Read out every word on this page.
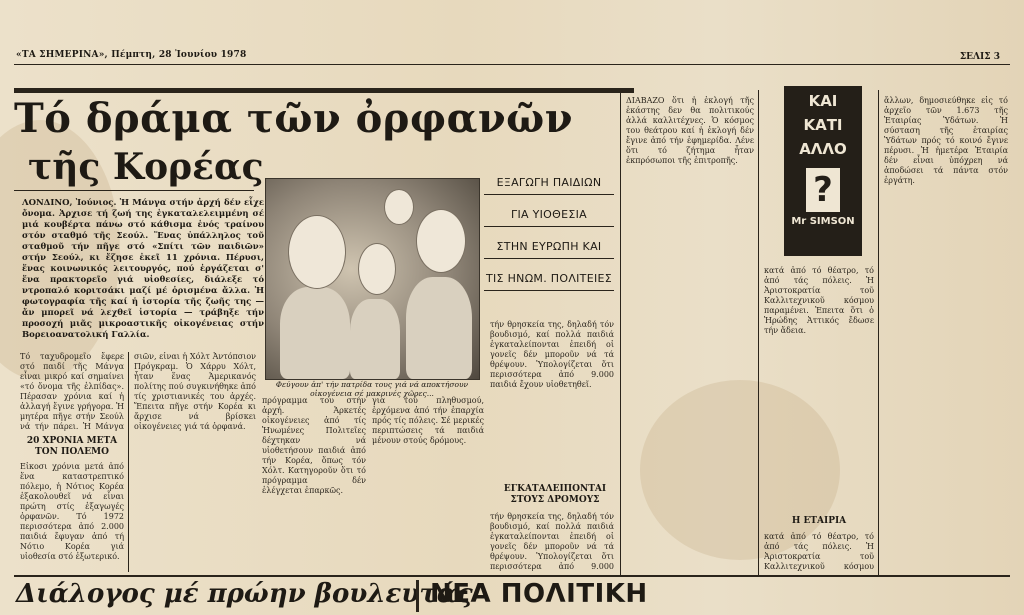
«ΤΑ ΣΗΜΕΡΙΝΑ», Πέμπτη, 28 Ἰουνίου 1978	ΣΕΛΙΣ 3
Τό δράμα τῶν ὀρφανῶν
τῆς Κορέας
ΛΟΝΔΙΝΟ, Ἰούνιος. Ἡ Μάνγα στήν ἀρχή δέν εἶχε ὄνομα. Ἀρχισε τή ζωή της ἐγκαταλελειμμένη σέ μιά κουβέρτα πάνω στό κάθισμα ἑνός τραίνου στόν σταθμό τῆς Σεούλ. Ἕνας ὑπάλληλος τοῦ σταθμοῦ τήν πῆγε στό «Σπίτι τῶν παιδιῶν» στήν Σεούλ, κι ἔζησε ἐκεῖ 11 χρόνια. Πέρυσι, ἕνας κοινωνικός λειτουργός, πού ἐργάζεται σ' ἕνα πρακτορεῖο γιά υἱοθεσίες, διάλεξε τό ντροπαλό κοριτσάκι μαζί μέ ὁρισμένα ἄλλα. Ἡ φωτογραφία τῆς καί ἡ ἱστορία τῆς ζωῆς της — ἄν μπορεῖ νά λεχθεῖ ἱστορία — τράβηξε τήν προσοχή μιᾶς μικροαστικῆς οἰκογένειας στήν Βορειοανατολική Γαλλία.
Φεύγουν ἀπ' τήν πατρίδα τους γιά νά αποκτήσουν οἰκογένεια σέ μακρινές χῶρες...
ΕΞΑΓΩΓΗ ΠΑΙΔΙΩΝ
ΓΙΑ ΥΙΟΘΕΣΙΑ
ΣΤΗΝ ΕΥΡΩΠΗ ΚΑΙ
ΤΙΣ ΗΝΩΜ. ΠΟΛΙΤΕΙΕΣ
Τό ταχυδρομεῖο ἔφερε στό παιδί τῆς Μάνγα εἶναι μικρό καί σημαίνει «τό ὄνομα τῆς ἐλπίδας». Πέρασαν χρόνια καί ἡ ἀλλαγή ἔγινε γρήγορα. Ἡ μητέρα πῆγε στήν Σεούλ νά τήν πάρει. Ἡ Μάνγα
20 ΧΡΟΝΙΑ ΜΕΤΑ ΤΟΝ ΠΟΛΕΜΟ
Εἶκοσι χρόνια μετά ἀπό ἕνα καταστρεπτικό πόλεμο, ἡ Νότιος Κορέα ἐξακολουθεῖ νά εἶναι πρώτη στίς ἐξαγωγές ὀρφανῶν. Τό 1972 περισσότερα ἀπό 2.000 παιδιά ἔφυγαν ἀπό τή Νότιο Κορέα γιά υἱοθεσία στό ἐξωτερικό.
σιῶν, εἶναι ἡ Χόλτ Ἀντόπσιον Πρόγκραμ. Ὁ Χάρρυ Χόλτ, ἦταν ἕνας Ἀμερικανός πολίτης πού συγκινήθηκε ἀπό τίς χριστιανικές του ἀρχές. Ἔπειτα πῆγε στήν Κορέα κι ἄρχισε νά βρίσκει οἰκογένειες γιά τά ὀρφανά.
πρόγραμμα του στήν ἀρχή. Ἀρκετές οἰκογένειες ἀπό τίς Ἡνωμένες Πολιτεῖες δέχτηκαν νά υἱοθετήσουν παιδιά ἀπό τήν Κορέα, ὅπως τόν Χόλτ. Κατηγοροῦν ὅτι τό πρόγραμμα δέν ἐλέγχεται ἐπαρκῶς.
για τού πληθυσμού, ἐρχόμενα ἀπό τήν ἐπαρχία πρός τίς πόλεις. Σέ μερικές περιπτώσεις τά παιδιά μένουν στούς δρόμους.
τήν θρησκεία της, δηλαδή τόν βουδισμό, καί πολλά παιδιά ἐγκαταλείπονται ἐπειδή οἱ γονεῖς δέν μποροῦν νά τά θρέψουν. Ὑπολογίζεται ὅτι περισσότερα ἀπό 9.000 παιδιά ἔχουν υἱοθετηθεῖ.
ΕΓΚΑΤΑΛΕΙΠΟΝΤΑΙ ΣΤΟΥΣ ΔΡΟΜΟΥΣ
τήν θρησκεία της, δηλαδή τόν βουδισμό, καί πολλά παιδιά ἐγκαταλείπονται ἐπειδή οἱ γονεῖς δέν μποροῦν νά τά θρέψουν. Ὑπολογίζεται ὅτι περισσότερα ἀπό 9.000
ΔΙΑΒΑΖΟ ὅτι ἡ ἐκλογή τῆς ἑκάστης δεν θα πολιτικούς ἀλλά καλλιτέχνες. Ὁ κόσμος του θεάτρου καί ἡ ἐκλογή δέν ἔγινε ἀπό τήν ἐφημερίδα. Λένε ὅτι τό ζήτημα ἦταν ἐκπρόσωποι τῆς ἐπιτροπῆς.
κατά ἀπό τό θέατρο, τό ἀπό τάς πόλεις. Ἡ Ἀριστοκρατία τοῦ Καλλιτεχνικοῦ κόσμου παραμένει. Ἐπειτα ὅτι ὁ Ἡρώδης Ἀττικός ἔδωσε τήν ἄδεια.
Η ΕΤΑΙΡΙΑ
κατά ἀπό τό θέατρο, τό ἀπό τάς πόλεις. Ἡ Ἀριστοκρατία τοῦ Καλλιτεχνικοῦ κόσμου
ἄλλων, δημοσιεύθηκε εἰς τό ἀρχεῖο τῶν 1.673 τῆς Ἐταιρίας Ὑδάτων. Ἡ σύσταση τῆς ἑταιρίας Ὑδάτων πρός τό κοινό ἔγινε πέρυσι. Ἡ ἡμετέρα Ἑταιρία δέν εἶναι ὑπόχρεη νά ἀποδώσει τά πάντα στόν ἐργάτη.
ΚΑΙ
ΚΑΤΙ
ΑΛΛΟ
?
Mr SIMSON
Διάλογος μέ πρώην βουλευτάς
ΝΕΑ ΠΟΛΙΤΙΚΗ
